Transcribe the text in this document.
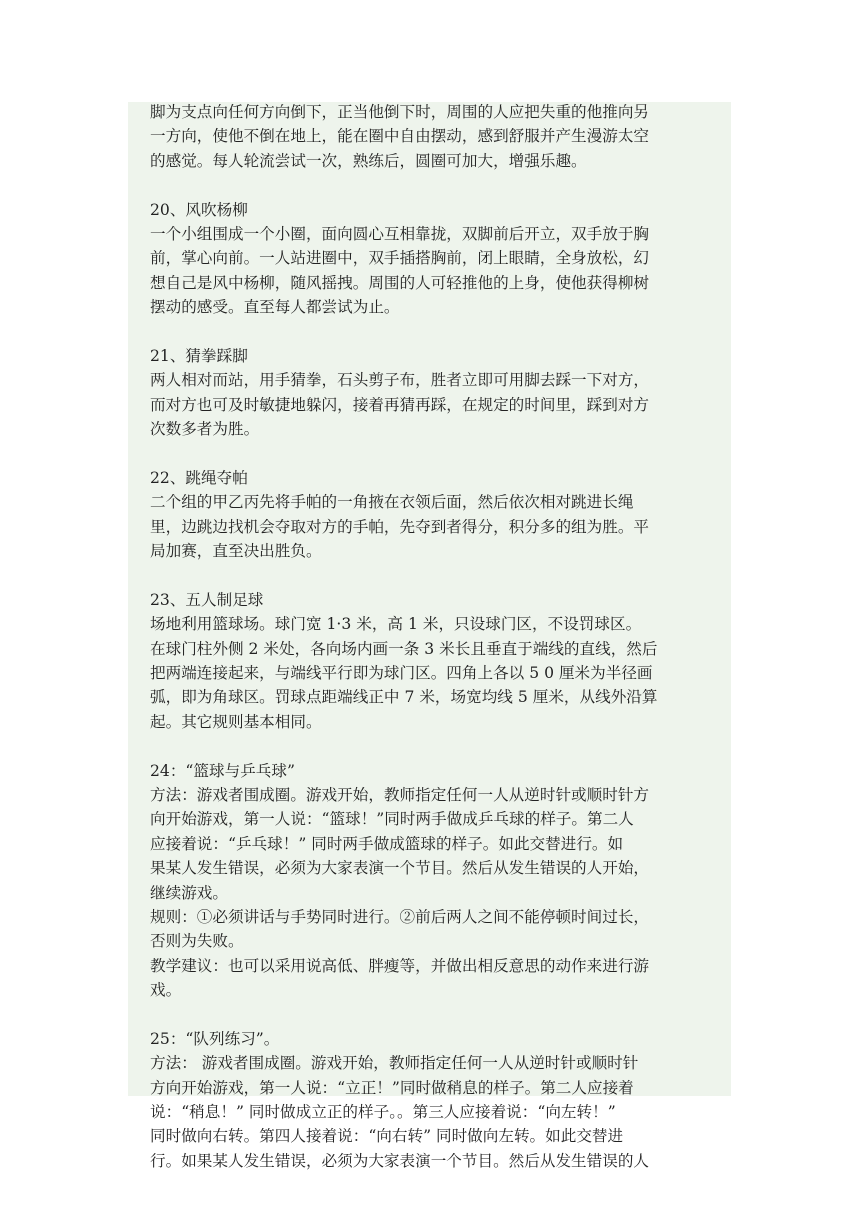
脚为支点向任何方向倒下，正当他倒下时，周围的人应把失重的他推向另
一方向，使他不倒在地上，能在圈中自由摆动，感到舒服并产生漫游太空
的感觉。每人轮流尝试一次，熟练后，圆圈可加大，增强乐趣。
20、风吹杨柳
一个小组围成一个小圈，面向圆心互相靠拢，双脚前后开立，双手放于胸
前，掌心向前。一人站进圈中，双手插搭胸前，闭上眼睛，全身放松，幻
想自己是风中杨柳，随风摇拽。周围的人可轻推他的上身，使他获得柳树
摆动的感受。直至每人都尝试为止。
21、猜拳踩脚
两人相对而站，用手猜拳，石头剪子布，胜者立即可用脚去踩一下对方，
而对方也可及时敏捷地躲闪，接着再猜再踩，在规定的时间里，踩到对方
次数多者为胜。
22、跳绳夺帕
二个组的甲乙丙先将手帕的一角掖在衣领后面，然后依次相对跳进长绳
里，边跳边找机会夺取对方的手帕，先夺到者得分，积分多的组为胜。平
局加赛，直至决出胜负。
23、五人制足球
场地利用篮球场。球门宽 1·3 米，高 1 米，只设球门区，不设罚球区。
在球门柱外侧 2 米处，各向场内画一条 3 米长且垂直于端线的直线，然后
把两端连接起来，与端线平行即为球门区。四角上各以 5 0 厘米为半径画
弧，即为角球区。罚球点距端线正中 7 米，场宽均线 5 厘米，从线外沿算
起。其它规则基本相同。
24：“篮球与乒乓球”
方法：游戏者围成圈。游戏开始，教师指定任何一人从逆时针或顺时针方
向开始游戏，第一人说：“篮球！”同时两手做成乒乓球的样子。第二人
应接着说：“乒乓球！” 同时两手做成篮球的样子。如此交替进行。如
果某人发生错误，必须为大家表演一个节目。然后从发生错误的人开始，
继续游戏。
规则：①必须讲话与手势同时进行。②前后两人之间不能停顿时间过长，
否则为失败。
教学建议：也可以采用说高低、胖瘦等，并做出相反意思的动作来进行游
戏。
25：“队列练习”。
方法： 游戏者围成圈。游戏开始，教师指定任何一人从逆时针或顺时针
方向开始游戏，第一人说：“立正！”同时做稍息的样子。第二人应接着
说：“稍息！” 同时做成立正的样子。。第三人应接着说：“向左转！”
同时做向右转。第四人接着说：“向右转” 同时做向左转。如此交替进
行。如果某人发生错误，必须为大家表演一个节目。然后从发生错误的人
